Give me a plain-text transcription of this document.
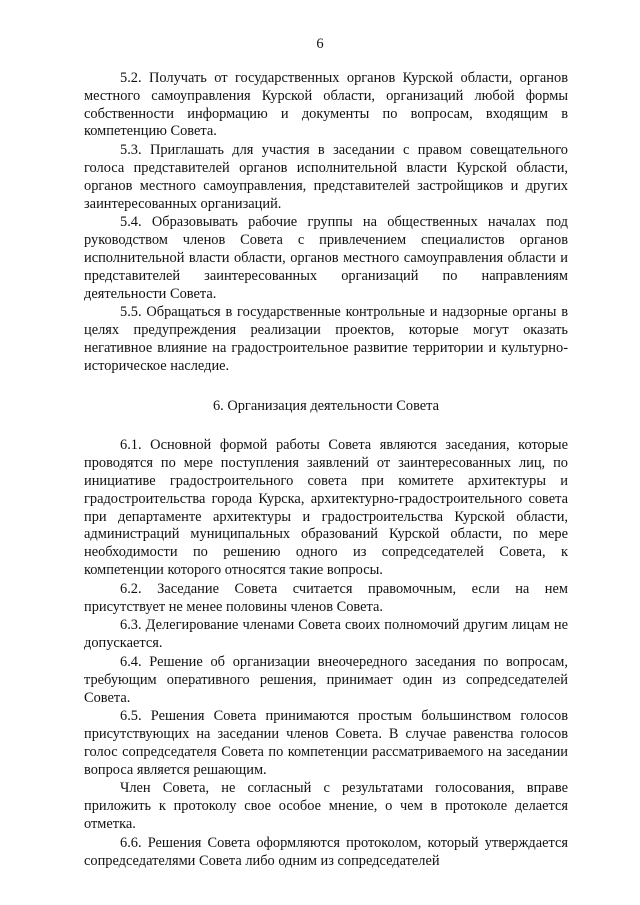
6

5.2. Получать от государственных органов Курской области, органов местного самоуправления Курской области, организаций любой формы собственности информацию и документы по вопросам, входящим в компетенцию Совета.

5.3. Приглашать для участия в заседании с правом совещательного голоса представителей органов исполнительной власти Курской области, органов местного самоуправления, представителей застройщиков и других заинтересованных организаций.

5.4. Образовывать рабочие группы на общественных началах под руководством членов Совета с привлечением специалистов органов исполнительной власти области, органов местного самоуправления области и представителей заинтересованных организаций по направлениям деятельности Совета.

5.5. Обращаться в государственные контрольные и надзорные органы в целях предупреждения реализации проектов, которые могут оказать негативное влияние на градостроительное развитие территории и культурно-историческое наследие.

6. Организация деятельности Совета

6.1. Основной формой работы Совета являются заседания, которые проводятся по мере поступления заявлений от заинтересованных лиц, по инициативе градостроительного совета при комитете архитектуры и градостроительства города Курска, архитектурно-градостроительного совета при департаменте архитектуры и градостроительства Курской области, администраций муниципальных образований Курской области, по мере необходимости по решению одного из сопредседателей Совета, к компетенции которого относятся такие вопросы.

6.2. Заседание Совета считается правомочным, если на нем присутствует не менее половины членов Совета.

6.3. Делегирование членами Совета своих полномочий другим лицам не допускается.

6.4. Решение об организации внеочередного заседания по вопросам, требующим оперативного решения, принимает один из сопредседателей Совета.

6.5. Решения Совета принимаются простым большинством голосов присутствующих на заседании членов Совета. В случае равенства голосов голос сопредседателя Совета по компетенции рассматриваемого на заседании вопроса является решающим.

Член Совета, не согласный с результатами голосования, вправе приложить к протоколу свое особое мнение, о чем в протоколе делается отметка.

6.6. Решения Совета оформляются протоколом, который утверждается сопредседателями Совета либо одним из сопредседателей
